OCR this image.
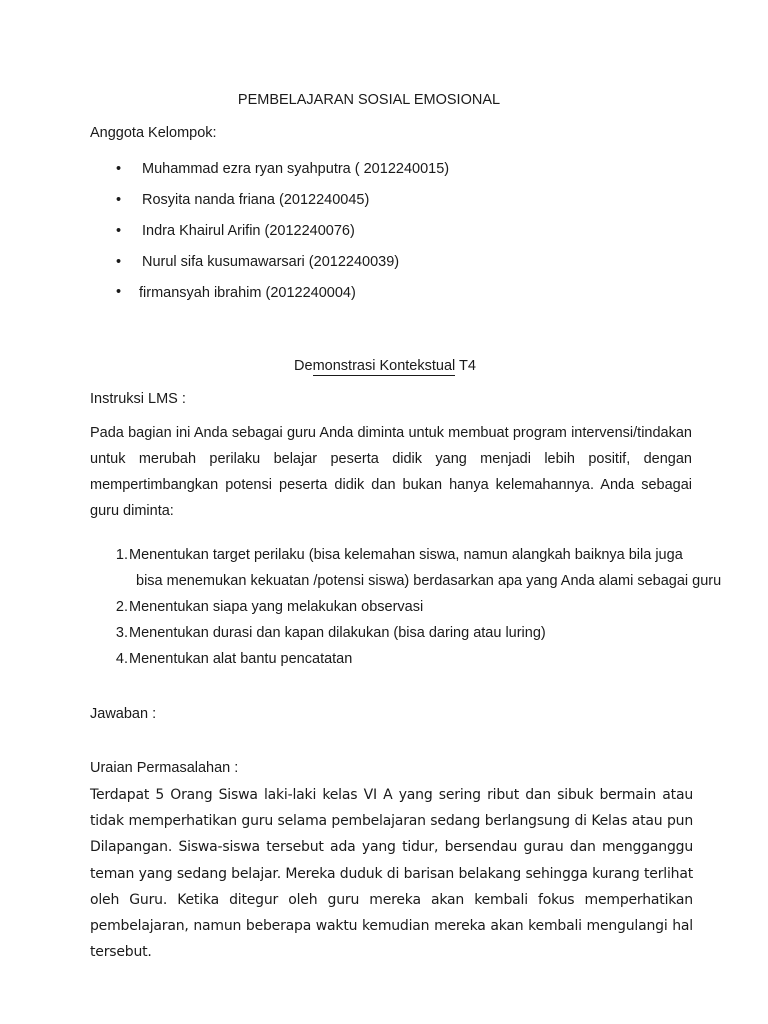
PEMBELAJARAN SOSIAL EMOSIONAL
Anggota Kelompok:
• Muhammad ezra ryan syahputra ( 2012240015)
• Rosyita nanda friana (2012240045)
• Indra Khairul Arifin (2012240076)
• Nurul sifa kusumawarsari (2012240039)
• firmansyah ibrahim (2012240004)
Demonstrasi Kontekstual T4
Instruksi LMS :
Pada bagian ini Anda sebagai guru Anda diminta untuk membuat program intervensi/tindakan untuk merubah perilaku belajar peserta didik yang menjadi lebih positif, dengan mempertimbangkan potensi peserta didik dan bukan hanya kelemahannya. Anda sebagai guru diminta:
1.Menentukan target perilaku (bisa kelemahan siswa, namun alangkah baiknya bila juga
bisa menemukan kekuatan /potensi siswa) berdasarkan apa yang Anda alami sebagai guru
2.Menentukan siapa yang melakukan observasi
3.Menentukan durasi dan kapan dilakukan (bisa daring atau luring)
4.Menentukan alat bantu pencatatan
Jawaban :
Uraian Permasalahan :
Terdapat 5 Orang Siswa laki-laki kelas VI A yang sering ribut dan sibuk bermain atau tidak memperhatikan guru selama pembelajaran sedang berlangsung di Kelas atau pun Dilapangan. Siswa-siswa tersebut ada yang tidur, bersendau gurau dan mengganggu teman yang sedang belajar. Mereka duduk di barisan belakang sehingga kurang terlihat oleh Guru. Ketika ditegur oleh guru mereka akan kembali fokus memperhatikan pembelajaran, namun beberapa waktu kemudian mereka akan kembali mengulangi hal tersebut.
